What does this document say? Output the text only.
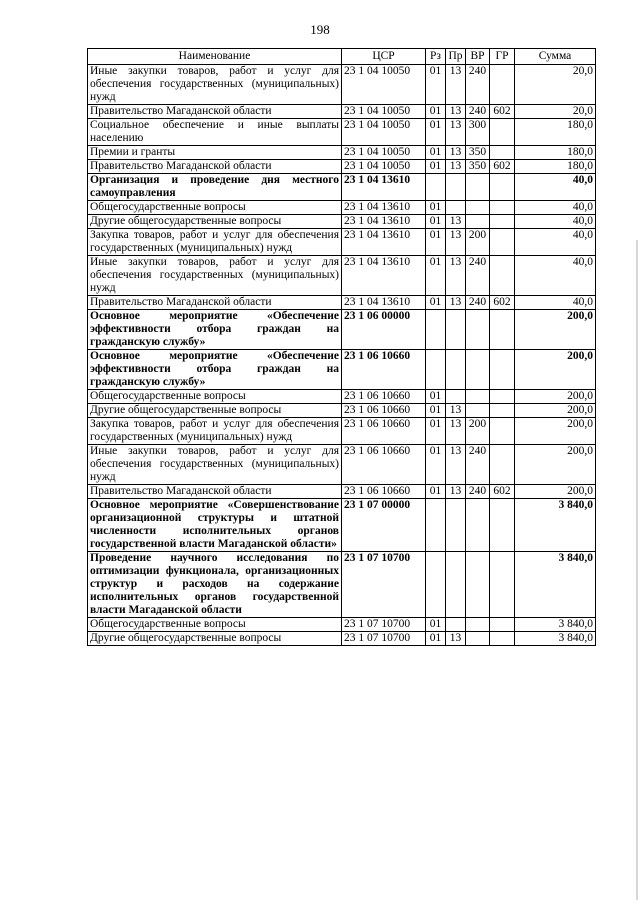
198
Наименование	ЦСР	Рз	Пр	ВР	ГР	Сумма
Иные закупки товаров, работ и услуг для обеспечения государственных (муниципальных) нужд	23 1 04 10050	01	13	240		20,0
Правительство Магаданской области	23 1 04 10050	01	13	240	602	20,0
Социальное обеспечение и иные выплаты населению	23 1 04 10050	01	13	300		180,0
Премии и гранты	23 1 04 10050	01	13	350		180,0
Правительство Магаданской области	23 1 04 10050	01	13	350	602	180,0
Организация и проведение дня местного самоуправления	23 1 04 13610					40,0
Общегосударственные вопросы	23 1 04 13610	01				40,0
Другие общегосударственные вопросы	23 1 04 13610	01	13			40,0
Закупка товаров, работ и услуг для обеспечения государственных (муниципальных) нужд	23 1 04 13610	01	13	200		40,0
Иные закупки товаров, работ и услуг для обеспечения государственных (муниципальных) нужд	23 1 04 13610	01	13	240		40,0
Правительство Магаданской области	23 1 04 13610	01	13	240	602	40,0
Основное мероприятие «Обеспечение эффективности отбора граждан на гражданскую службу»	23 1 06 00000					200,0
Основное мероприятие «Обеспечение эффективности отбора граждан на гражданскую службу»	23 1 06 10660					200,0
Общегосударственные вопросы	23 1 06 10660	01				200,0
Другие общегосударственные вопросы	23 1 06 10660	01	13			200,0
Закупка товаров, работ и услуг для обеспечения государственных (муниципальных) нужд	23 1 06 10660	01	13	200		200,0
Иные закупки товаров, работ и услуг для обеспечения государственных (муниципальных) нужд	23 1 06 10660	01	13	240		200,0
Правительство Магаданской области	23 1 06 10660	01	13	240	602	200,0
Основное мероприятие «Совершенствование организационной структуры и штатной численности исполнительных органов государственной власти Магаданской области»	23 1 07 00000					3 840,0
Проведение научного исследования по оптимизации функционала, организационных структур и расходов на содержание исполнительных органов государственной власти Магаданской области	23 1 07 10700					3 840,0
Общегосударственные вопросы	23 1 07 10700	01				3 840,0
Другие общегосударственные вопросы	23 1 07 10700	01	13			3 840,0
